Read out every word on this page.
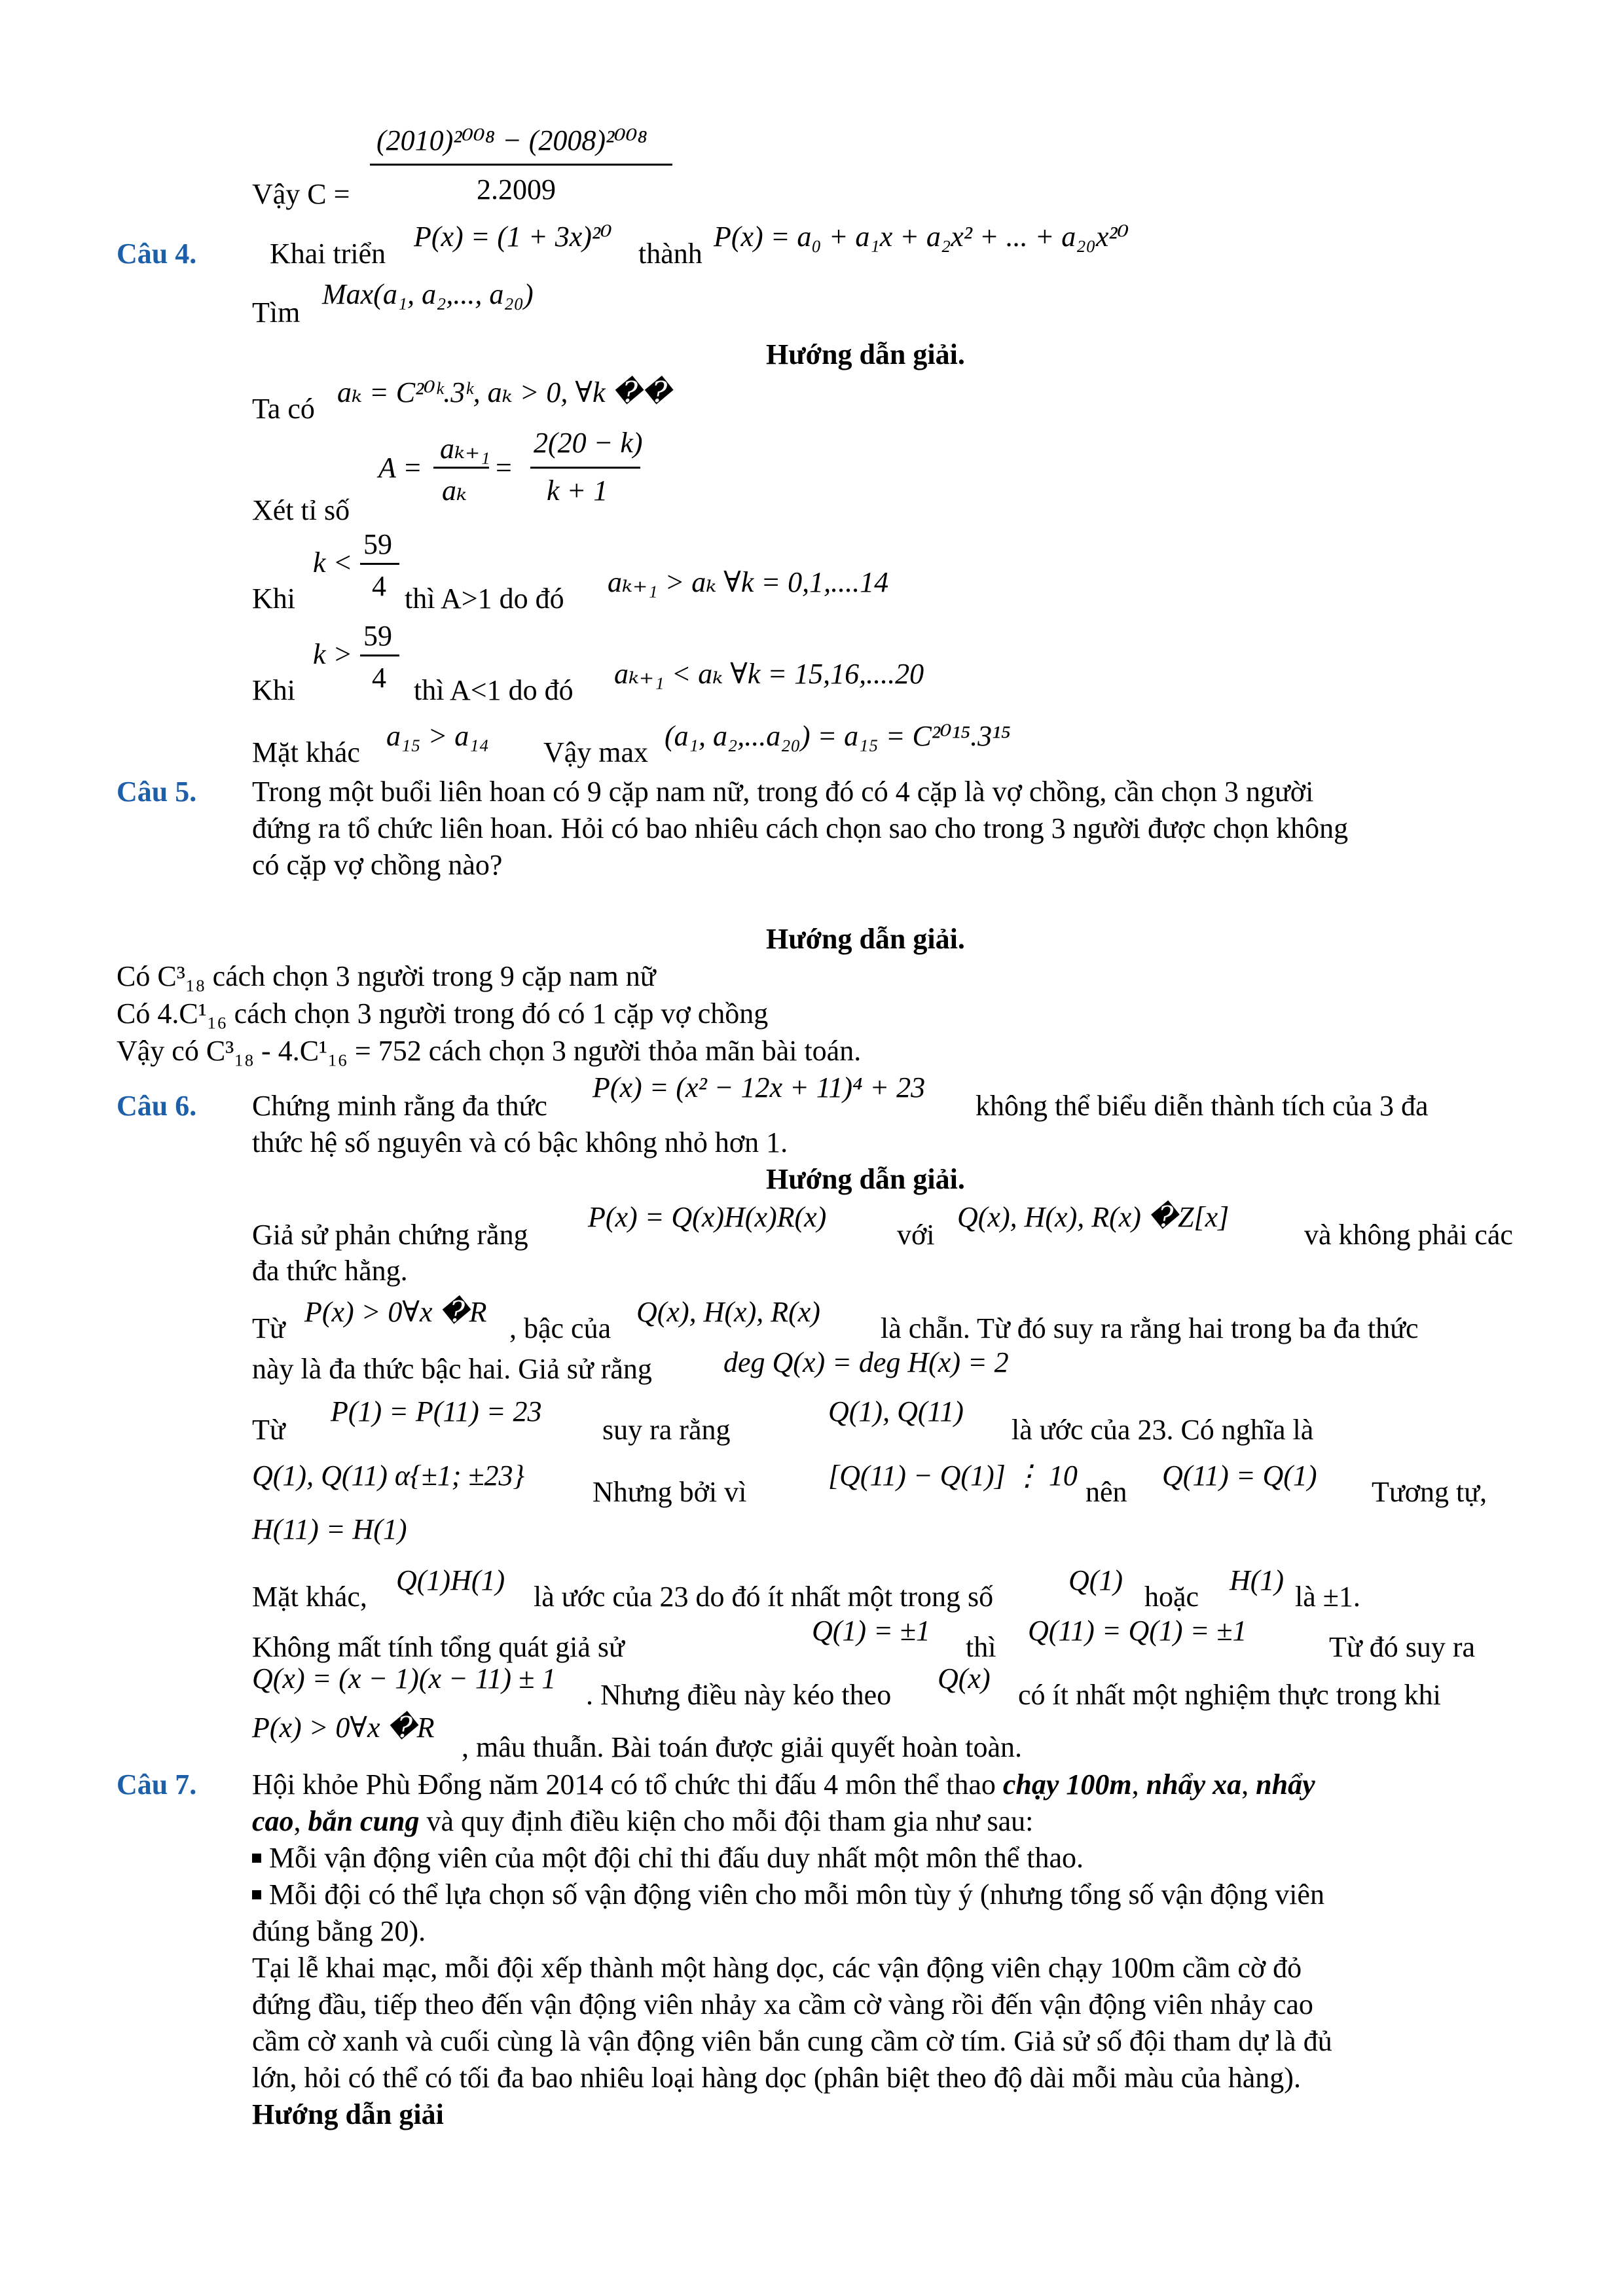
(2010)²⁰⁰⁸ − (2008)²⁰⁰⁸
Vậy C =	2.2009
Câu 4.	Khai triển
P(x) = (1 + 3x)²⁰
thành
P(x) = a₀ + a₁x + a₂x² + ... + a₂₀x²⁰
Tìm
Max(a₁, a₂,..., a₂₀)
Hướng dẫn giải.
Ta có
aₖ = C²⁰ᵏ.3ᵏ, aₖ > 0, ∀k ��
Xét tỉ số
A =
aₖ₊₁
aₖ
=
2(20 − k)
k + 1
Khi
k <
59
4 thì A>1 do đó
aₖ₊₁ > aₖ ∀k = 0,1,....14
Khi
k >
59
4 thì A<1 do đó
aₖ₊₁ < aₖ ∀k = 15,16,....20
Mặt khác
a₁₅ > a₁₄
Vậy max
(a₁, a₂,...a₂₀) = a₁₅ = C²⁰¹⁵.3¹⁵
Câu 5. Trong một buổi liên hoan có 9 cặp nam nữ, trong đó có 4 cặp là vợ chồng, cần chọn 3 người
đứng ra tổ chức liên hoan. Hỏi có bao nhiêu cách chọn sao cho trong 3 người được chọn không
có cặp vợ chồng nào?
Hướng dẫn giải.
Có C³₁₈ cách chọn 3 người trong 9 cặp nam nữ
Có 4.C¹₁₆ cách chọn 3 người trong đó có 1 cặp vợ chồng
Vậy có C³₁₈ - 4.C¹₁₆ = 752 cách chọn 3 người thỏa mãn bài toán.
Câu 6. Chứng minh rằng đa thức
P(x) = (x² − 12x + 11)⁴ + 23
không thể biểu diễn thành tích của 3 đa
thức hệ số nguyên và có bậc không nhỏ hơn 1.
Hướng dẫn giải.
Giả sử phản chứng rằng
P(x) = Q(x)H(x)R(x)
với
Q(x), H(x), R(x) �Z[x]
và không phải các
đa thức hằng.
Từ
P(x) > 0∀x �R
, bậc của
Q(x), H(x), R(x)
là chẵn. Từ đó suy ra rằng hai trong ba đa thức
này là đa thức bậc hai. Giả sử rằng deg Q(x) = deg H(x) = 2
Từ
P(1) = P(11) = 23
suy ra rằng
Q(1), Q(11)
là ước của 23. Có nghĩa là
Q(1), Q(11) α{±1; ±23}
Nhưng bởi vì
[Q(11) − Q(1)] ⋮ 10
nên
Q(11) = Q(1)
Tương tự,
H(11) = H(1)
Mặt khác,
Q(1)H(1)
là ước của 23 do đó ít nhất một trong số
Q(1)
hoặc
H(1)
là ±1.
Không mất tính tổng quát giả sử
Q(1) = ±1
thì
Q(11) = Q(1) = ±1
Từ đó suy ra
Q(x) = (x − 1)(x − 11) ± 1
. Nhưng điều này kéo theo
Q(x)
có ít nhất một nghiệm thực trong khi
P(x) > 0∀x �R
, mâu thuẫn. Bài toán được giải quyết hoàn toàn.
Câu 7. Hội khỏe Phù Đổng năm 2014 có tổ chức thi đấu 4 môn thể thao chạy 100m, nhẩy xa, nhẩy
cao, bắn cung và quy định điều kiện cho mỗi đội tham gia như sau:
Mỗi vận động viên của một đội chỉ thi đấu duy nhất một môn thể thao.
Mỗi đội có thể lựa chọn số vận động viên cho mỗi môn tùy ý (nhưng tổng số vận động viên
đúng bằng 20).
Tại lễ khai mạc, mỗi đội xếp thành một hàng dọc, các vận động viên chạy 100m cầm cờ đỏ
đứng đầu, tiếp theo đến vận động viên nhảy xa cầm cờ vàng rồi đến vận động viên nhảy cao
cầm cờ xanh và cuối cùng là vận động viên bắn cung cầm cờ tím. Giả sử số đội tham dự là đủ
lớn, hỏi có thể có tối đa bao nhiêu loại hàng dọc (phân biệt theo độ dài mỗi màu của hàng).
Hướng dẫn giải
